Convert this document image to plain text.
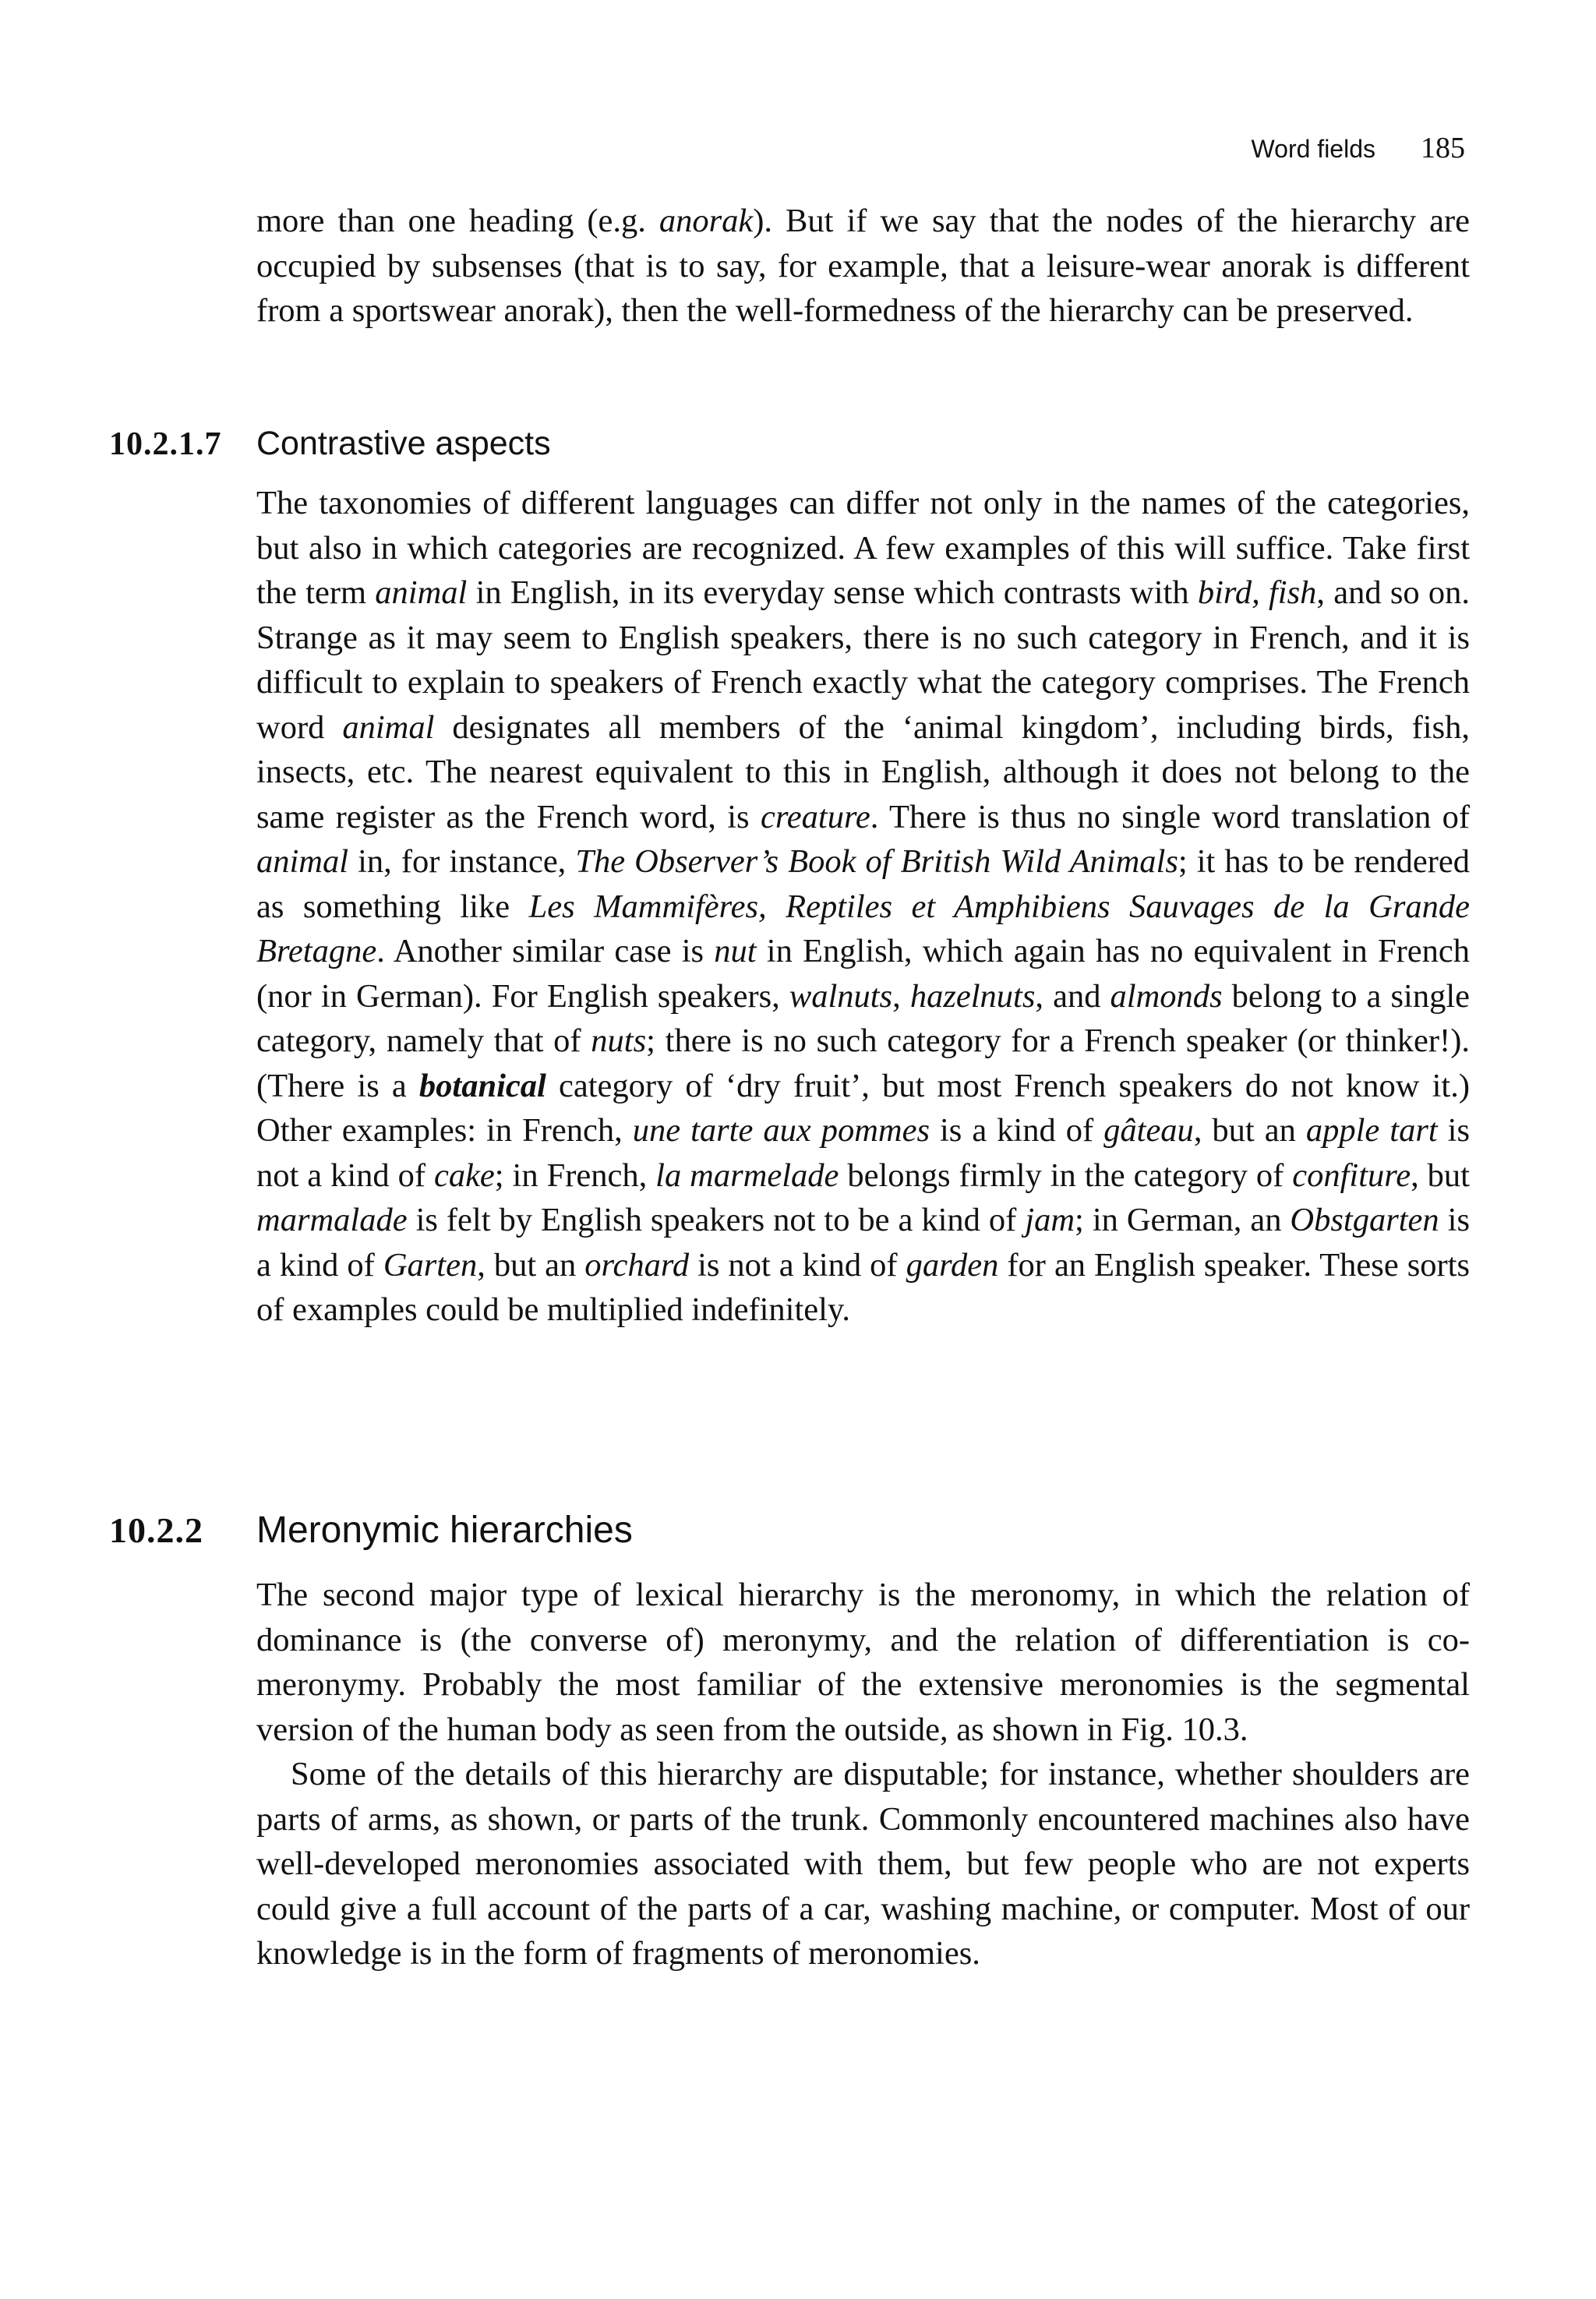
Word fields 185

more than one heading (e.g. anorak). But if we say that the nodes of the hierarchy are occupied by subsenses (that is to say, for example, that a leisure-wear anorak is different from a sportswear anorak), then the well-formedness of the hierarchy can be preserved.

10.2.1.7	Contrastive aspects

The taxonomies of different languages can differ not only in the names of the categories, but also in which categories are recognized. A few examples of this will suffice. Take first the term animal in English, in its everyday sense which contrasts with bird, fish, and so on. Strange as it may seem to English speakers, there is no such category in French, and it is difficult to explain to speakers of French exactly what the category comprises. The French word animal designates all members of the ‘animal kingdom’, including birds, fish, insects, etc. The nearest equivalent to this in English, although it does not belong to the same register as the French word, is creature. There is thus no single word translation of animal in, for instance, The Observer’s Book of British Wild Animals; it has to be rendered as something like Les Mammifères, Reptiles et Amphibiens Sauvages de la Grande Bretagne. Another similar case is nut in English, which again has no equivalent in French (nor in German). For English speakers, walnuts, hazelnuts, and almonds belong to a single category, namely that of nuts; there is no such category for a French speaker (or thinker!). (There is a botanical category of ‘dry fruit’, but most French speakers do not know it.) Other examples: in French, une tarte aux pommes is a kind of gâteau, but an apple tart is not a kind of cake; in French, la marmelade belongs firmly in the category of confiture, but marmalade is felt by English speakers not to be a kind of jam; in German, an Obstgarten is a kind of Garten, but an orchard is not a kind of garden for an English speaker. These sorts of examples could be multiplied indefinitely.

10.2.2	Meronymic hierarchies

The second major type of lexical hierarchy is the meronomy, in which the relation of dominance is (the converse of) meronymy, and the relation of differentiation is co-meronymy. Probably the most familiar of the extensive meronomies is the segmental version of the human body as seen from the outside, as shown in Fig. 10.3.

Some of the details of this hierarchy are disputable; for instance, whether shoulders are parts of arms, as shown, or parts of the trunk. Commonly encountered machines also have well-developed meronomies associated with them, but few people who are not experts could give a full account of the parts of a car, washing machine, or computer. Most of our knowledge is in the form of fragments of meronomies.
